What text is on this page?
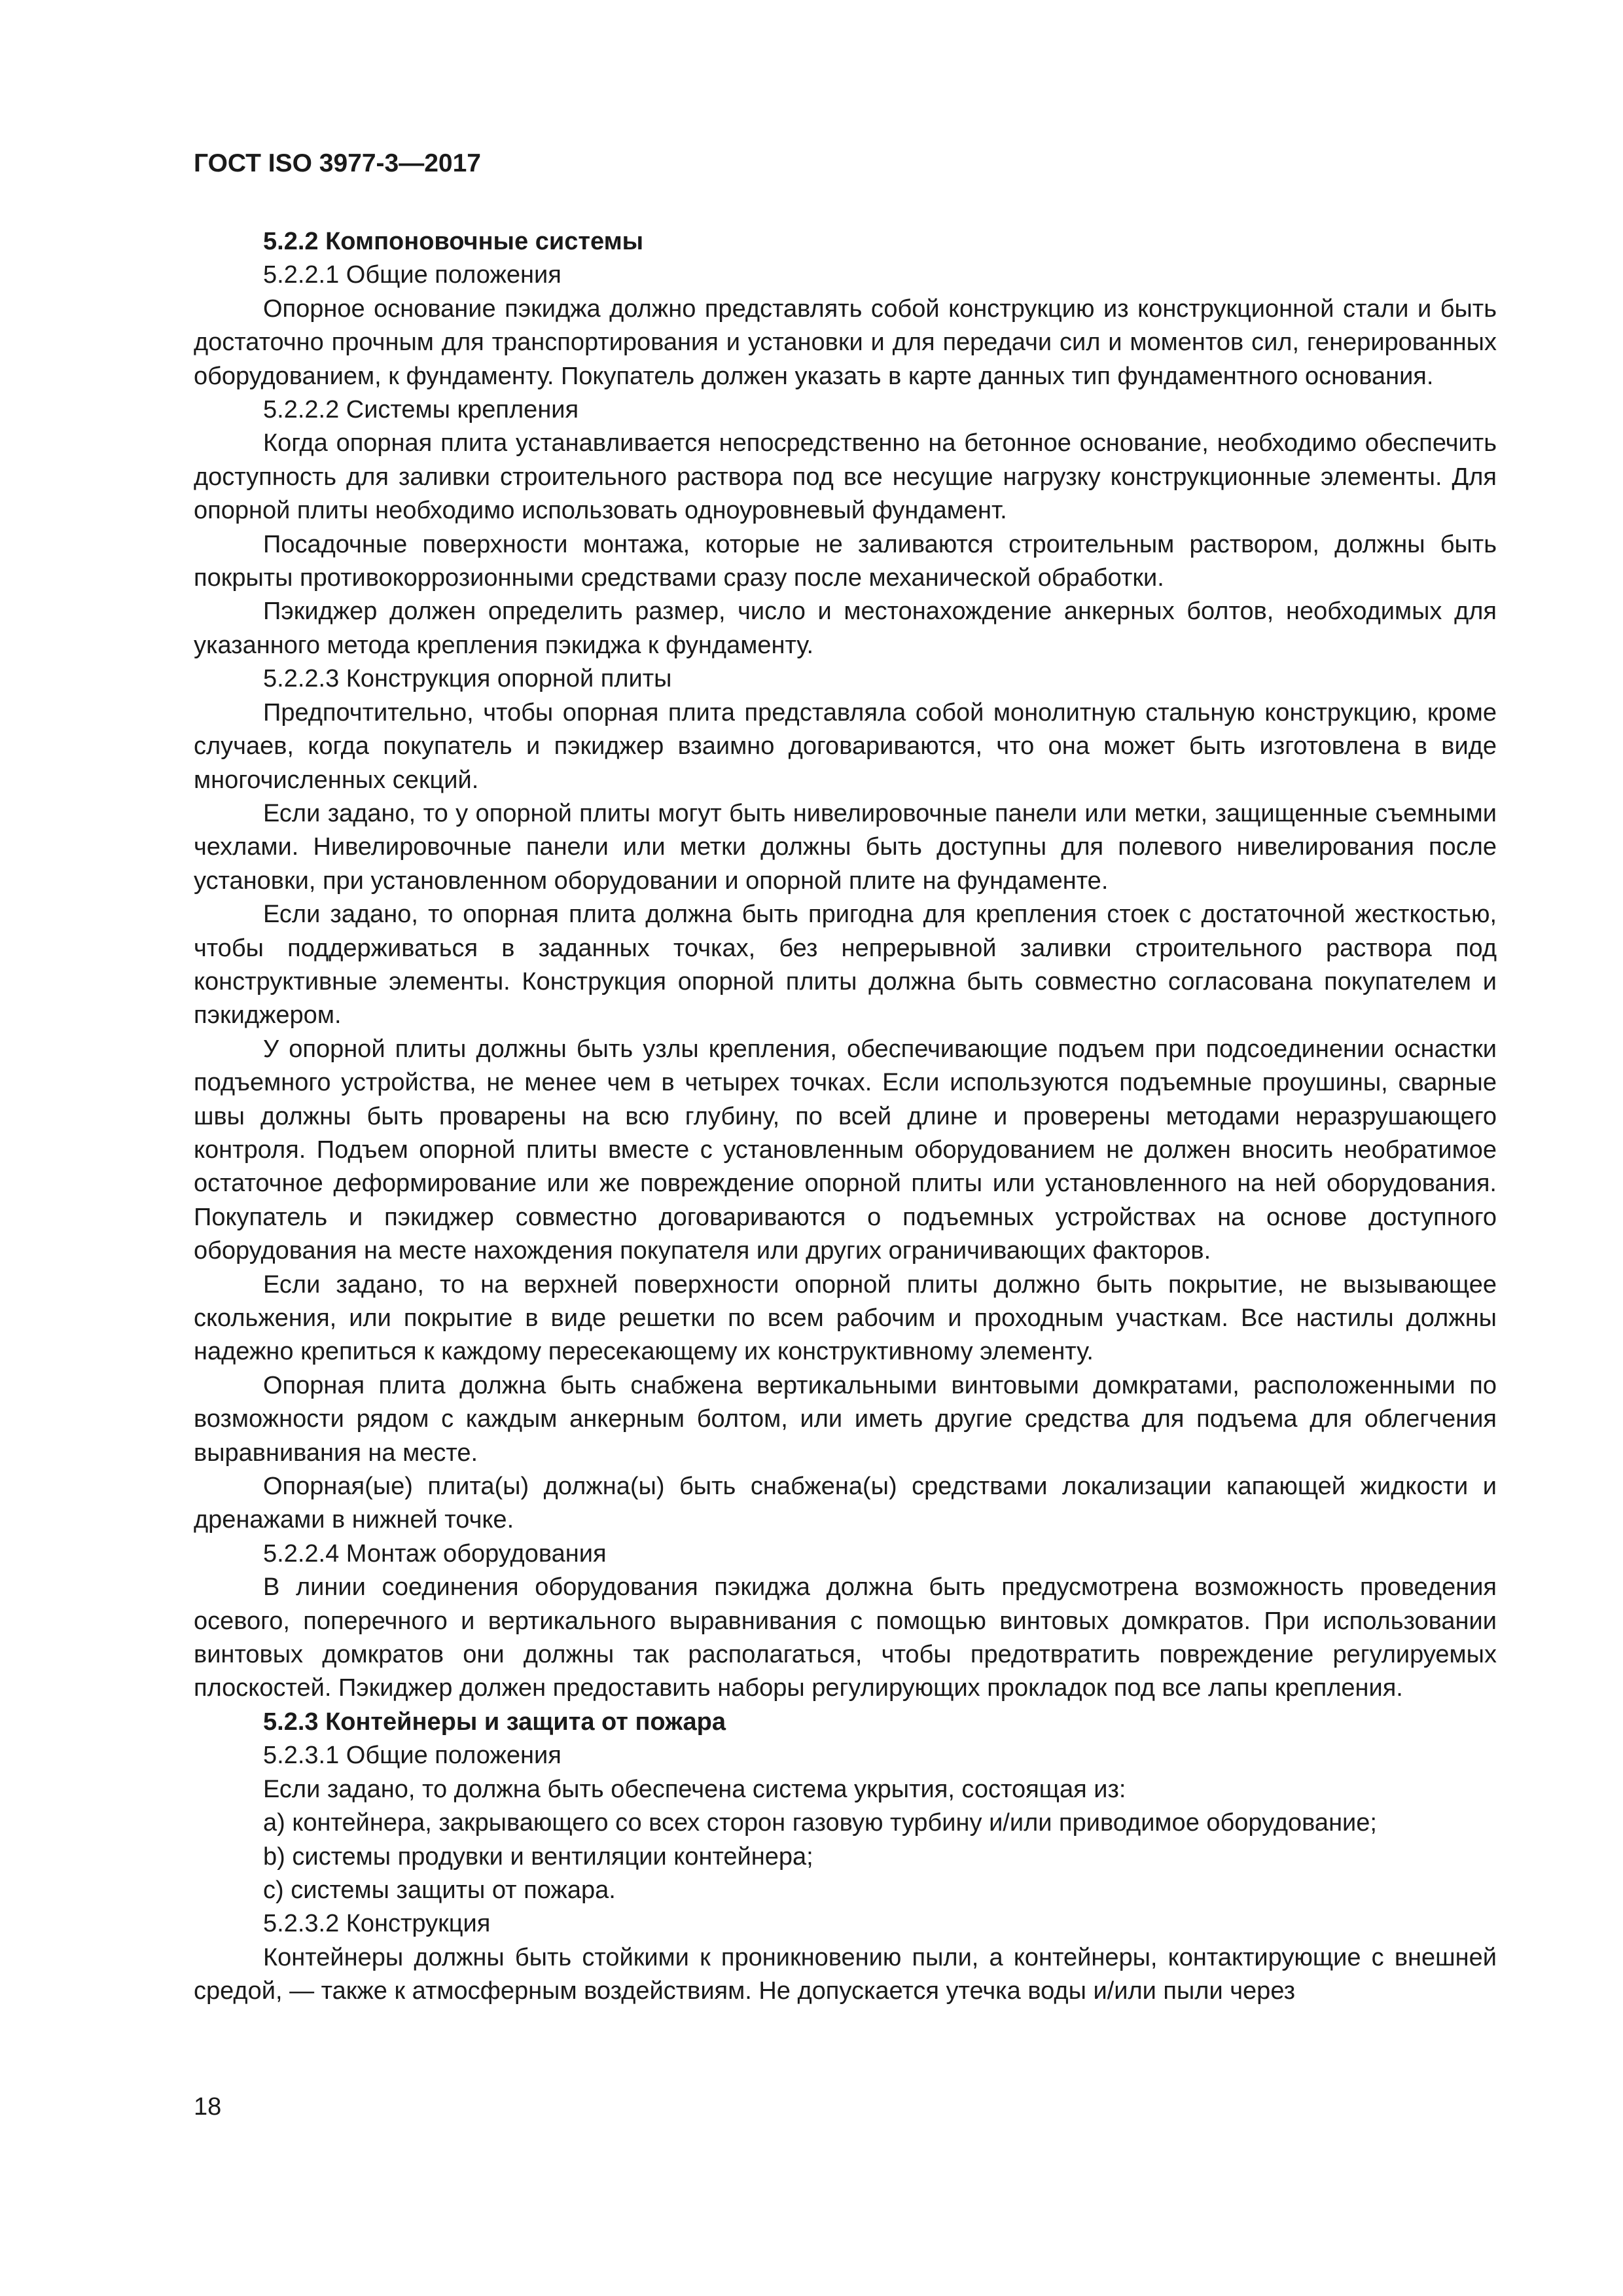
ГОСТ ISO 3977-3—2017

5.2.2 Компоновочные системы

5.2.2.1 Общие положения

Опорное основание пэкиджа должно представлять собой конструкцию из конструкционной стали и быть достаточно прочным для транспортирования и установки и для передачи сил и моментов сил, генерированных оборудованием, к фундаменту. Покупатель должен указать в карте данных тип фундаментного основания.

5.2.2.2 Системы крепления

Когда опорная плита устанавливается непосредственно на бетонное основание, необходимо обеспечить доступность для заливки строительного раствора под все несущие нагрузку конструкционные элементы. Для опорной плиты необходимо использовать одноуровневый фундамент.

Посадочные поверхности монтажа, которые не заливаются строительным раствором, должны быть покрыты противокоррозионными средствами сразу после механической обработки.

Пэкиджер должен определить размер, число и местонахождение анкерных болтов, необходимых для указанного метода крепления пэкиджа к фундаменту.

5.2.2.3 Конструкция опорной плиты

Предпочтительно, чтобы опорная плита представляла собой монолитную стальную конструкцию, кроме случаев, когда покупатель и пэкиджер взаимно договариваются, что она может быть изготовлена в виде многочисленных секций.

Если задано, то у опорной плиты могут быть нивелировочные панели или метки, защищенные съемными чехлами. Нивелировочные панели или метки должны быть доступны для полевого нивелирования после установки, при установленном оборудовании и опорной плите на фундаменте.

Если задано, то опорная плита должна быть пригодна для крепления стоек с достаточной жесткостью, чтобы поддерживаться в заданных точках, без непрерывной заливки строительного раствора под конструктивные элементы. Конструкция опорной плиты должна быть совместно согласована покупателем и пэкиджером.

У опорной плиты должны быть узлы крепления, обеспечивающие подъем при подсоединении оснастки подъемного устройства, не менее чем в четырех точках. Если используются подъемные проушины, сварные швы должны быть проварены на всю глубину, по всей длине и проверены методами неразрушающего контроля. Подъем опорной плиты вместе с установленным оборудованием не должен вносить необратимое остаточное деформирование или же повреждение опорной плиты или установленного на ней оборудования. Покупатель и пэкиджер совместно договариваются о подъемных устройствах на основе доступного оборудования на месте нахождения покупателя или других ограничивающих факторов.

Если задано, то на верхней поверхности опорной плиты должно быть покрытие, не вызывающее скольжения, или покрытие в виде решетки по всем рабочим и проходным участкам. Все настилы должны надежно крепиться к каждому пересекающему их конструктивному элементу.

Опорная плита должна быть снабжена вертикальными винтовыми домкратами, расположенными по возможности рядом с каждым анкерным болтом, или иметь другие средства для подъема для облегчения выравнивания на месте.

Опорная(ые) плита(ы) должна(ы) быть снабжена(ы) средствами локализации капающей жидкости и дренажами в нижней точке.

5.2.2.4 Монтаж оборудования

В линии соединения оборудования пэкиджа должна быть предусмотрена возможность проведения осевого, поперечного и вертикального выравнивания с помощью винтовых домкратов. При использовании винтовых домкратов они должны так располагаться, чтобы предотвратить повреждение регулируемых плоскостей. Пэкиджер должен предоставить наборы регулирующих прокладок под все лапы крепления.

5.2.3 Контейнеры и защита от пожара

5.2.3.1 Общие положения

Если задано, то должна быть обеспечена система укрытия, состоящая из:

a) контейнера, закрывающего со всех сторон газовую турбину и/или приводимое оборудование;

b) системы продувки и вентиляции контейнера;

c) системы защиты от пожара.

5.2.3.2 Конструкция

Контейнеры должны быть стойкими к проникновению пыли, а контейнеры, контактирующие с внешней средой, — также к атмосферным воздействиям. Не допускается утечка воды и/или пыли через

18
